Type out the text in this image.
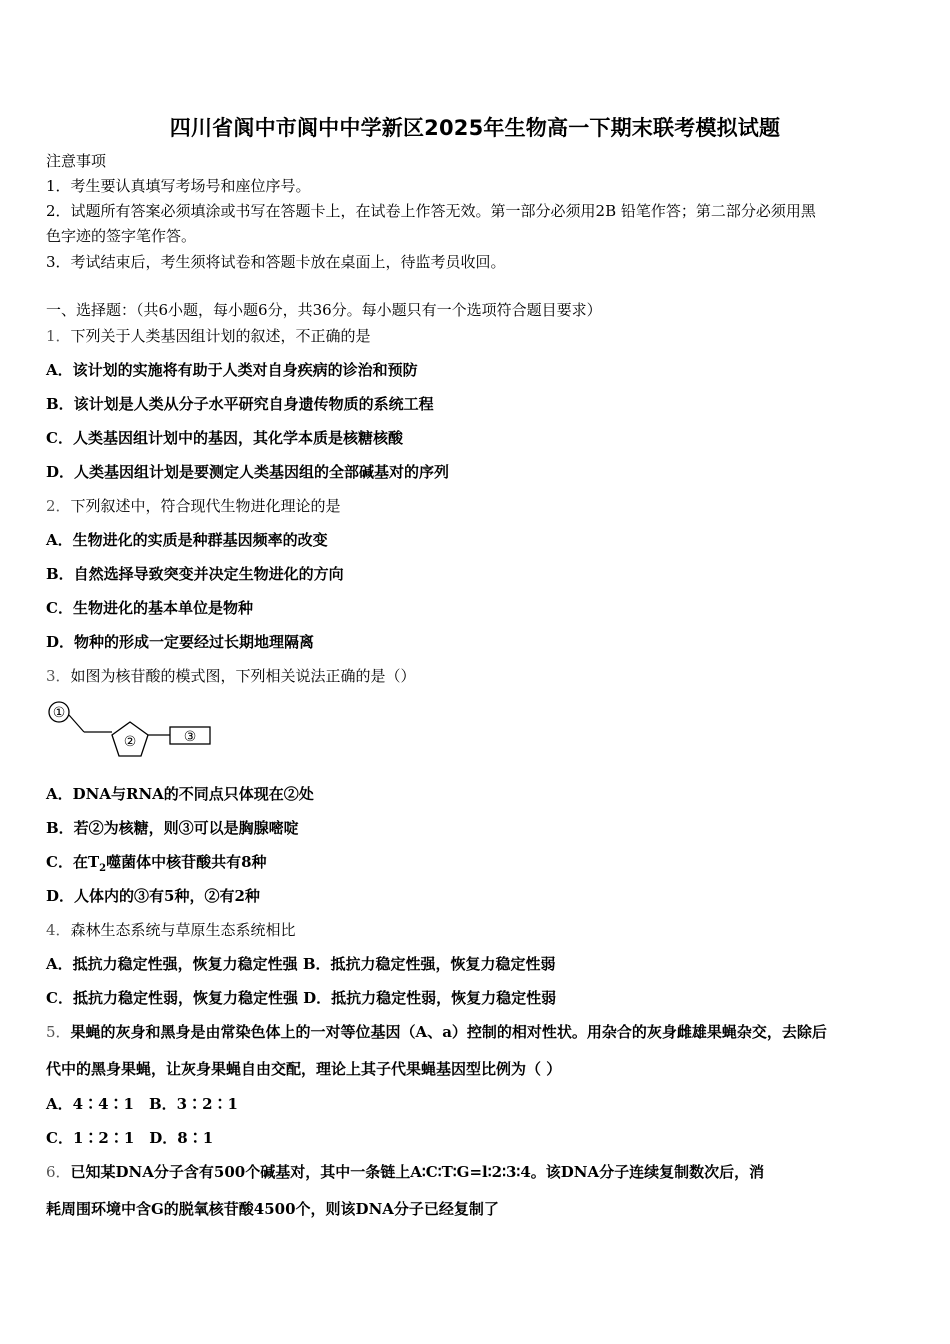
四川省阆中市阆中中学新区2025年生物高一下期末联考模拟试题
注意事项
1．考生要认真填写考场号和座位序号。
2．试题所有答案必须填涂或书写在答题卡上，在试卷上作答无效。第一部分必须用2B 铅笔作答；第二部分必须用黑
色字迹的签字笔作答。
3．考试结束后，考生须将试卷和答题卡放在桌面上，待监考员收回。
一、选择题：（共6小题，每小题6分，共36分。每小题只有一个选项符合题目要求）
1．下列关于人类基因组计划的叙述，不正确的是
A．该计划的实施将有助于人类对自身疾病的诊治和预防
B．该计划是人类从分子水平研究自身遗传物质的系统工程
C．人类基因组计划中的基因，其化学本质是核糖核酸
D．人类基因组计划是要测定人类基因组的全部碱基对的序列
2．下列叙述中，符合现代生物进化理论的是
A．生物进化的实质是种群基因频率的改变
B．自然选择导致突变并决定生物进化的方向
C．生物进化的基本单位是物种
D．物种的形成一定要经过长期地理隔离
3．如图为核苷酸的模式图，下列相关说法正确的是（）
①
②	③
A．DNA与RNA的不同点只体现在②处
B．若②为核糖，则③可以是胸腺嘧啶
C．在$T_2$噬菌体中核苷酸共有8种
D．人体内的③有5种，②有2种
4．森林生态系统与草原生态系统相比
A．抵抗力稳定性强，恢复力稳定性强 B．抵抗力稳定性强，恢复力稳定性弱
C．抵抗力稳定性弱，恢复力稳定性强 D．抵抗力稳定性弱，恢复力稳定性弱
5．果蝇的灰身和黑身是由常染色体上的一对等位基因（A、a）控制的相对性状。用杂合的灰身雌雄果蝇杂交，去除后
代中的黑身果蝇，让灰身果蝇自由交配，理论上其子代果蝇基因型比例为（ ）
A．4∶4∶1　B．3∶2∶1
C．1∶2∶1　D．8∶1
6．已知某DNA分子含有500个碱基对，其中一条链上A∶C∶T∶G=l∶2∶3∶4。该DNA分子连续复制数次后，消
耗周围环境中含G的脱氧核苷酸4500个，则该DNA分子已经复制了
